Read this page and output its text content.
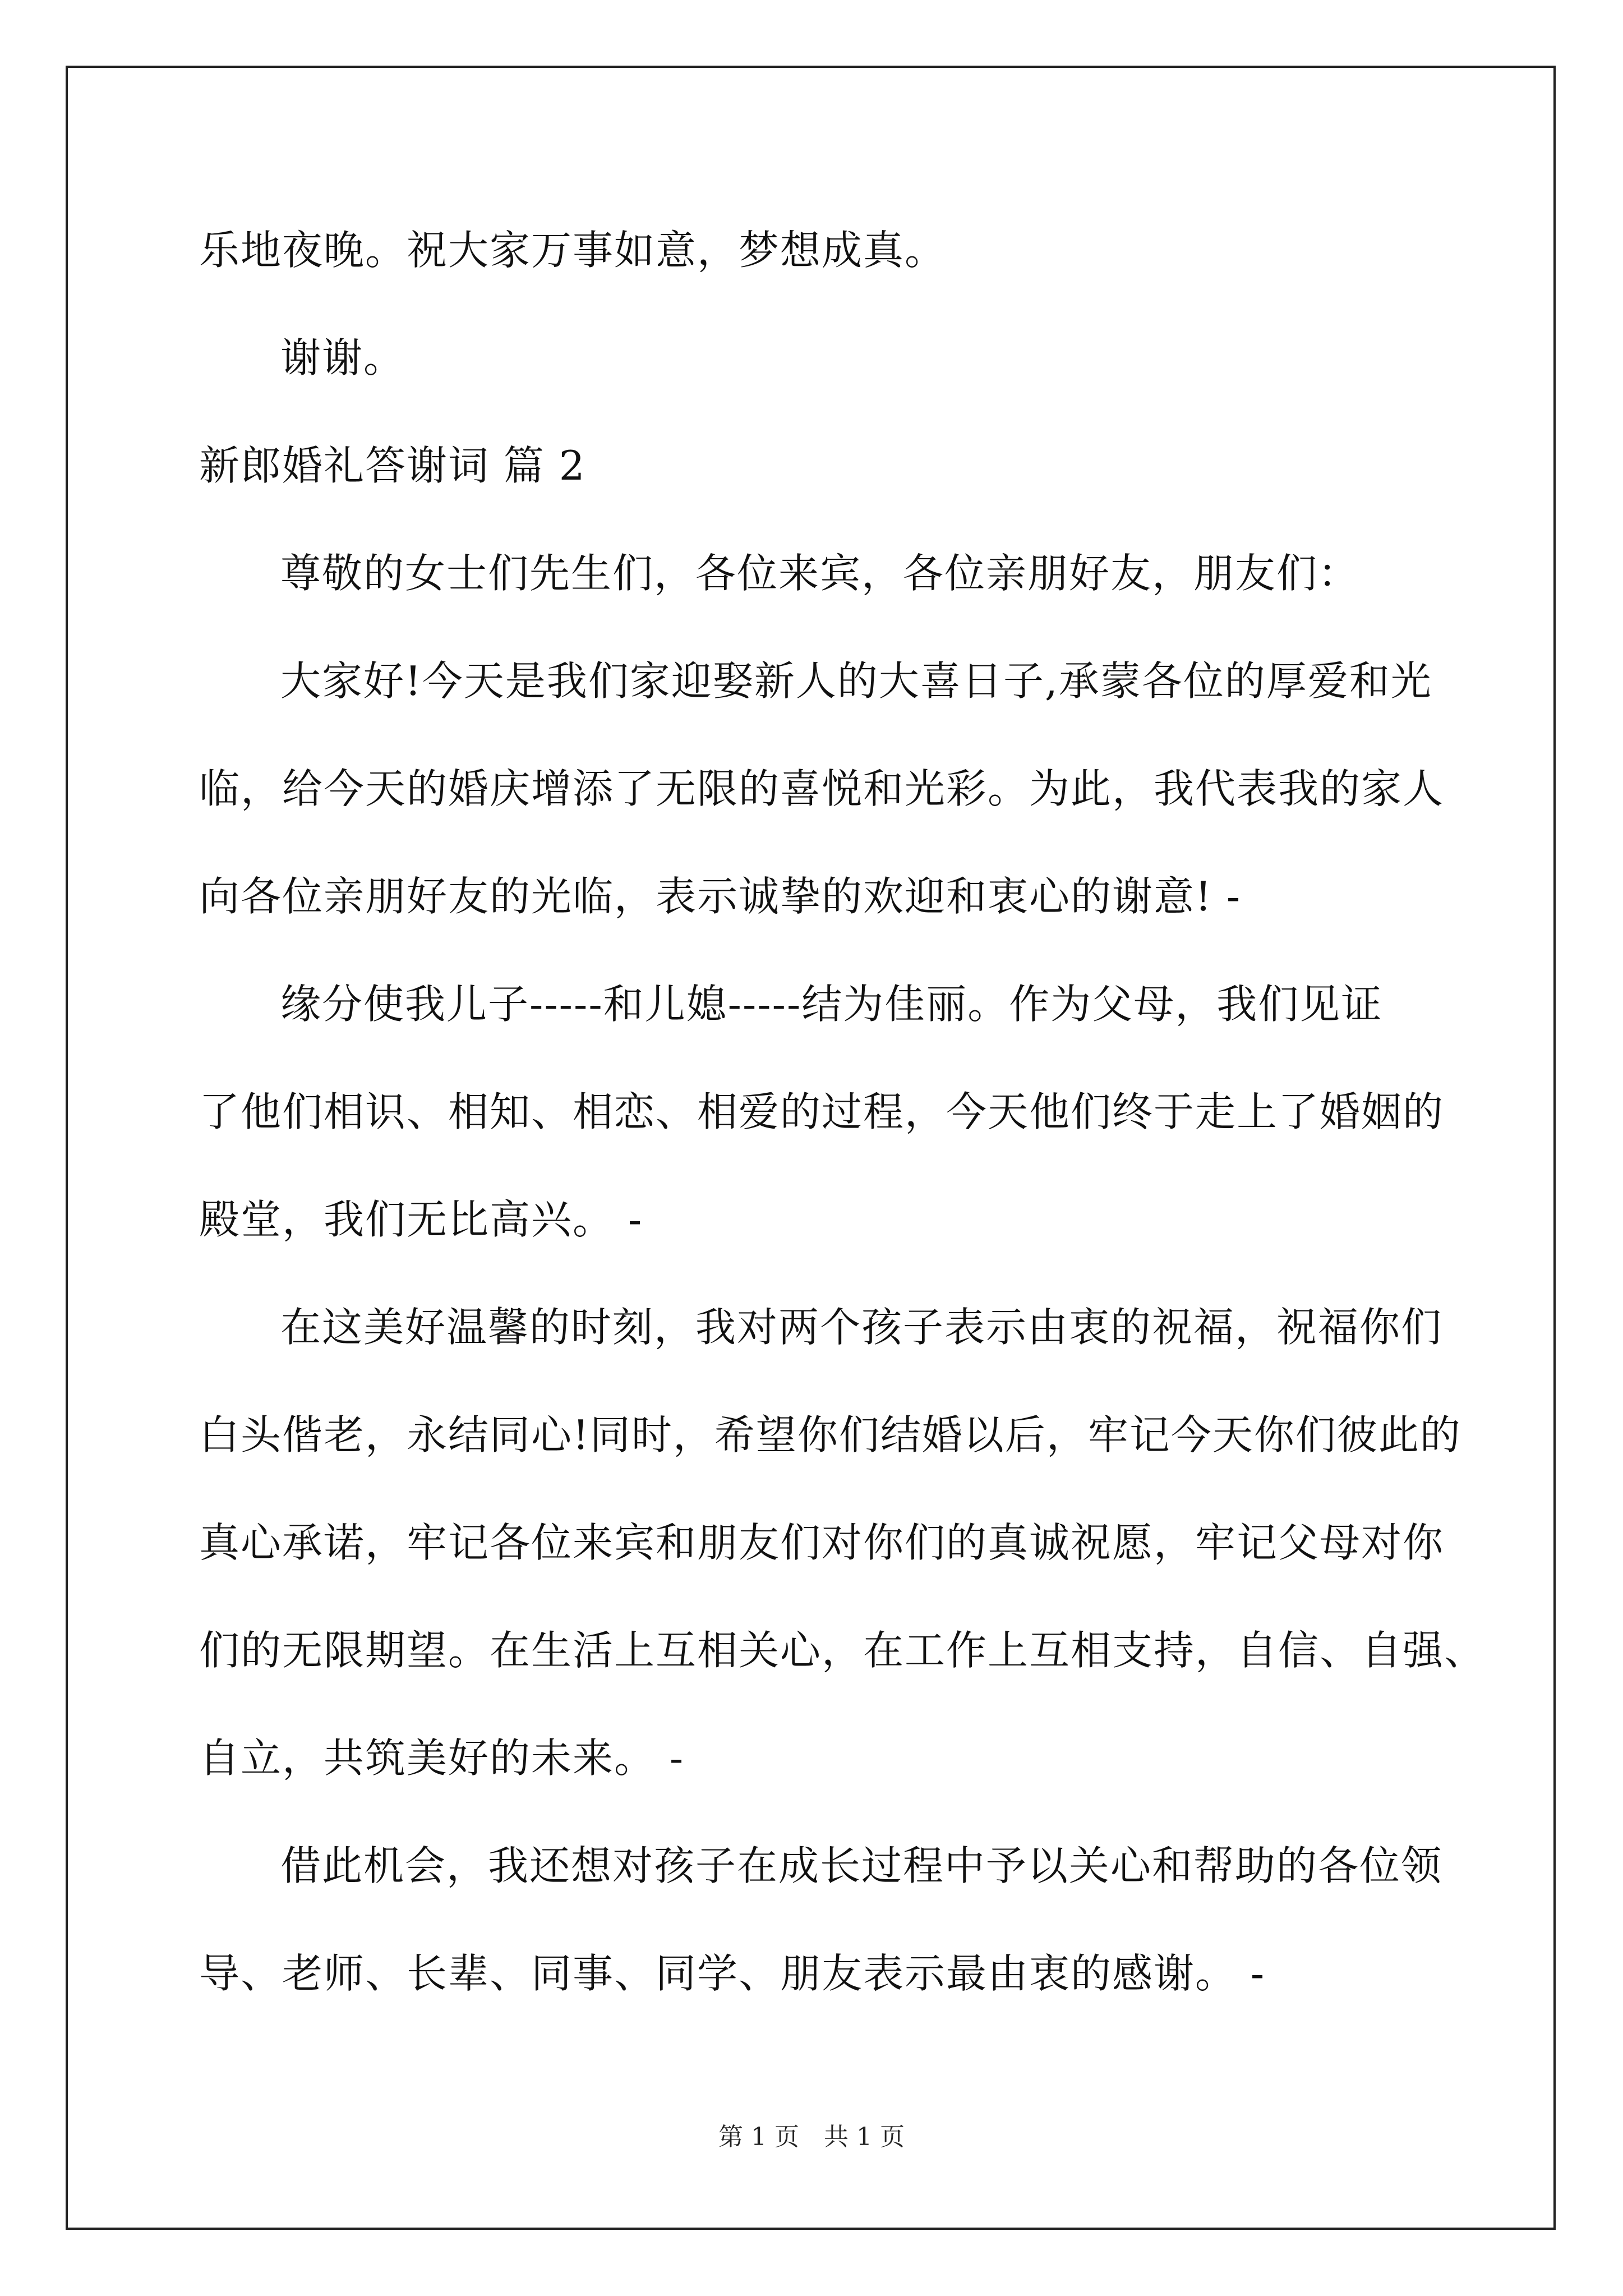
乐地夜晚。祝大家万事如意，梦想成真。
谢谢。
新郎婚礼答谢词 篇 2
尊敬的女士们先生们，各位来宾，各位亲朋好友，朋友们：
大家好!今天是我们家迎娶新人的大喜日子,承蒙各位的厚爱和光
临，给今天的婚庆增添了无限的喜悦和光彩。为此，我代表我的家人
向各位亲朋好友的光临，表示诚挚的欢迎和衷心的谢意! -
缘分使我儿子-----和儿媳-----结为佳丽。作为父母，我们见证
了他们相识、相知、相恋、相爱的过程，今天他们终于走上了婚姻的
殿堂，我们无比高兴。 -
在这美好温馨的时刻，我对两个孩子表示由衷的祝福，祝福你们
白头偕老，永结同心!同时，希望你们结婚以后，牢记今天你们彼此的
真心承诺，牢记各位来宾和朋友们对你们的真诚祝愿，牢记父母对你
们的无限期望。在生活上互相关心，在工作上互相支持，自信、自强、
自立，共筑美好的未来。 -
借此机会，我还想对孩子在成长过程中予以关心和帮助的各位领
导、老师、长辈、同事、同学、朋友表示最由衷的感谢。 -
第 1 页　共 1 页
